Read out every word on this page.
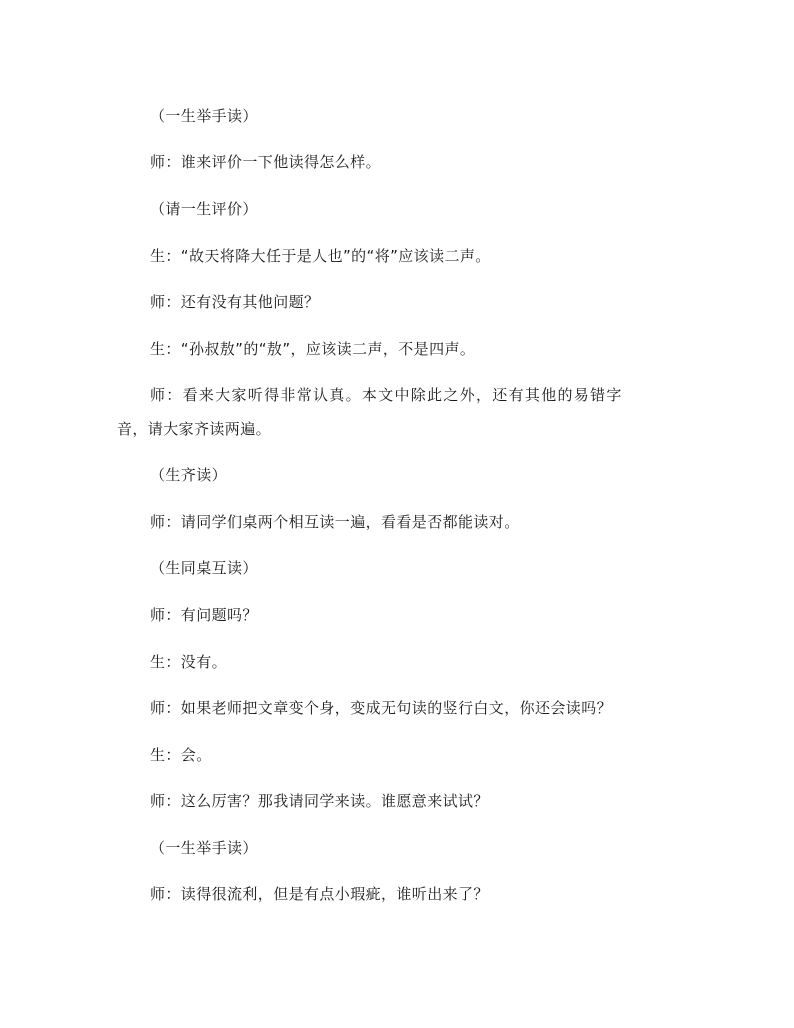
（一生举手读）
师：谁来评价一下他读得怎么样。
（请一生评价）
生：“故天将降大任于是人也”的“将”应该读二声。
师：还有没有其他问题？
生：“孙叔敖”的“敖”，应该读二声，不是四声。
师：看来大家听得非常认真。本文中除此之外，还有其他的易错字
音，请大家齐读两遍。
（生齐读）
师：请同学们桌两个相互读一遍，看看是否都能读对。
（生同桌互读）
师：有问题吗？
生：没有。
师：如果老师把文章变个身，变成无句读的竖行白文，你还会读吗？
生：会。
师：这么厉害？那我请同学来读。谁愿意来试试？
（一生举手读）
师：读得很流利，但是有点小瑕疵，谁听出来了？
